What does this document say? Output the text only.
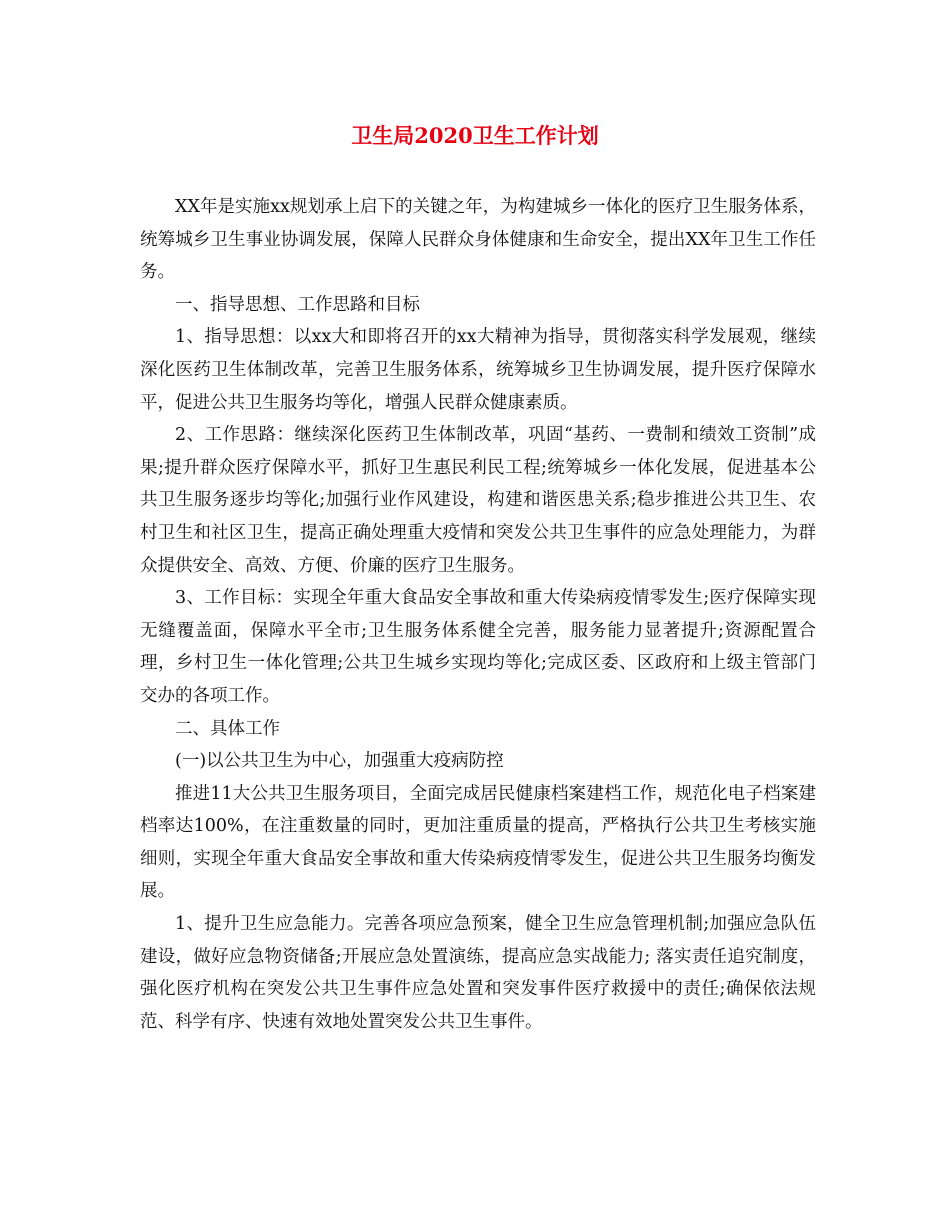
卫生局2020卫生工作计划

XX年是实施xx规划承上启下的关键之年，为构建城乡一体化的医疗卫生服务体系，统筹城乡卫生事业协调发展，保障人民群众身体健康和生命安全，提出XX年卫生工作任务。

一、指导思想、工作思路和目标

1、指导思想：以xx大和即将召开的xx大精神为指导，贯彻落实科学发展观，继续深化医药卫生体制改革，完善卫生服务体系，统筹城乡卫生协调发展，提升医疗保障水平，促进公共卫生服务均等化，增强人民群众健康素质。

2、工作思路：继续深化医药卫生体制改革，巩固“基药、一费制和绩效工资制”成果;提升群众医疗保障水平，抓好卫生惠民利民工程;统筹城乡一体化发展，促进基本公共卫生服务逐步均等化;加强行业作风建设，构建和谐医患关系;稳步推进公共卫生、农村卫生和社区卫生，提高正确处理重大疫情和突发公共卫生事件的应急处理能力，为群众提供安全、高效、方便、价廉的医疗卫生服务。

3、工作目标：实现全年重大食品安全事故和重大传染病疫情零发生;医疗保障实现无缝覆盖面，保障水平全市;卫生服务体系健全完善，服务能力显著提升;资源配置合理，乡村卫生一体化管理;公共卫生城乡实现均等化;完成区委、区政府和上级主管部门交办的各项工作。

二、具体工作

(一)以公共卫生为中心，加强重大疫病防控

推进11大公共卫生服务项目，全面完成居民健康档案建档工作，规范化电子档案建档率达100%，在注重数量的同时，更加注重质量的提高，严格执行公共卫生考核实施细则，实现全年重大食品安全事故和重大传染病疫情零发生，促进公共卫生服务均衡发展。

1、提升卫生应急能力。完善各项应急预案，健全卫生应急管理机制;加强应急队伍建设，做好应急物资储备;开展应急处置演练，提高应急实战能力; 落实责任追究制度，强化医疗机构在突发公共卫生事件应急处置和突发事件医疗救援中的责任;确保依法规范、科学有序、快速有效地处置突发公共卫生事件。
